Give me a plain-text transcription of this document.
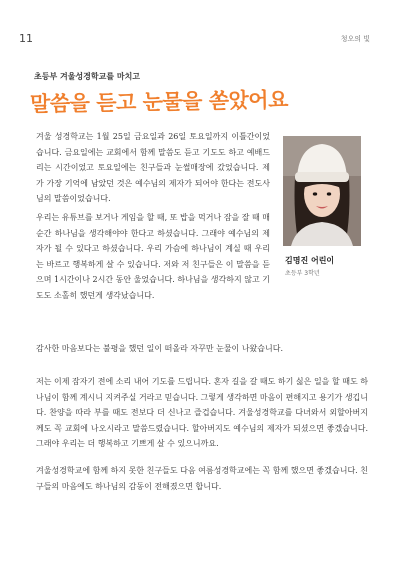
11	청오의 빛
초등부 겨울성경학교를 마치고
말씀을 듣고 눈물을 쏟았어요

겨울 성경학교는 1월 25일 금요일과 26일 토요일까지 이틀간이었습니다. 금요일에는 교회에서 함께 말씀도 듣고 기도도 하고 예배드리는 시간이었고 토요일에는 친구들과 눈썰매장에 갔었습니다. 제가 가장 기억에 남았던 것은 예수님의 제자가 되어야 한다는 전도사님의 말씀이었습니다.

우리는 유튜브를 보거나 게임을 할 때, 또 밥을 먹거나 잠을 잘 때 매 순간 하나님을 생각해야야 한다고 하셨습니다. 그래야 예수님의 제자가 될 수 있다고 하셨습니다. 우리 가슴에 하나님이 계실 때 우리는 바르고 행복하게 살 수 있습니다. 저와 저 친구들은 이 말씀을 듣으며 1시간이나 2시간 동안 울었습니다. 하나님을 생각하지 않고 기도도 소홀히 했던게 생각났습니다.

감사한 마음보다는 불평을 했던 일이 떠올라 자꾸만 눈물이 나왔습니다.

저는 이제 잠자기 전에 소리 내어 기도를 드립니다. 혼자 길을 갈 때도 하기 싫은 일을 할 때도 하나님이 함께 계시니 지켜주실 거라고 믿습니다. 그렇게 생각하면 마음이 편해지고 용기가 생깁니다. 찬양을 따라 부를 때도 전보다 더 신나고 즐겁습니다. 겨울성경학교를 다녀와서 외할아버지께도 꼭 교회에 나오시라고 말씀드렸습니다. 할아버지도 예수님의 제자가 되셨으면 좋겠습니다. 그래야 우리는 더 행복하고 기쁘게 살 수 있으니까요.

겨울성경학교에 함께 하지 못한 친구들도 다음 여름성경학교에는 꼭 함께 했으면 좋겠습니다. 친구들의 마음에도 하나님의 감동이 전해졌으면 합니다.

김명진 어린이
초등부 3학년
